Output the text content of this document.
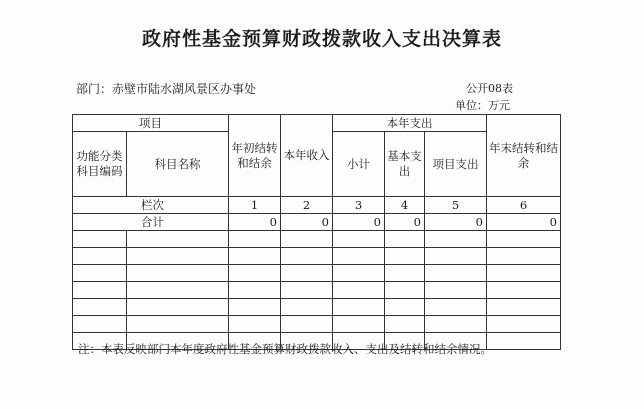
政府性基金预算财政拨款收入支出决算表
部门：赤壁市陆水湖风景区办事处	公开08表
单位：万元
项目		年初结转和结余	本年收入	本年支出			年末结转和结余
功能分类科目编码	科目名称			小计	基本支出	项目支出	
栏次		1	2	3	4	5	6
合计		0	0	0	0	0	0

注：本表反映部门本年度政府性基金预算财政拨款收入、支出及结转和结余情况。
